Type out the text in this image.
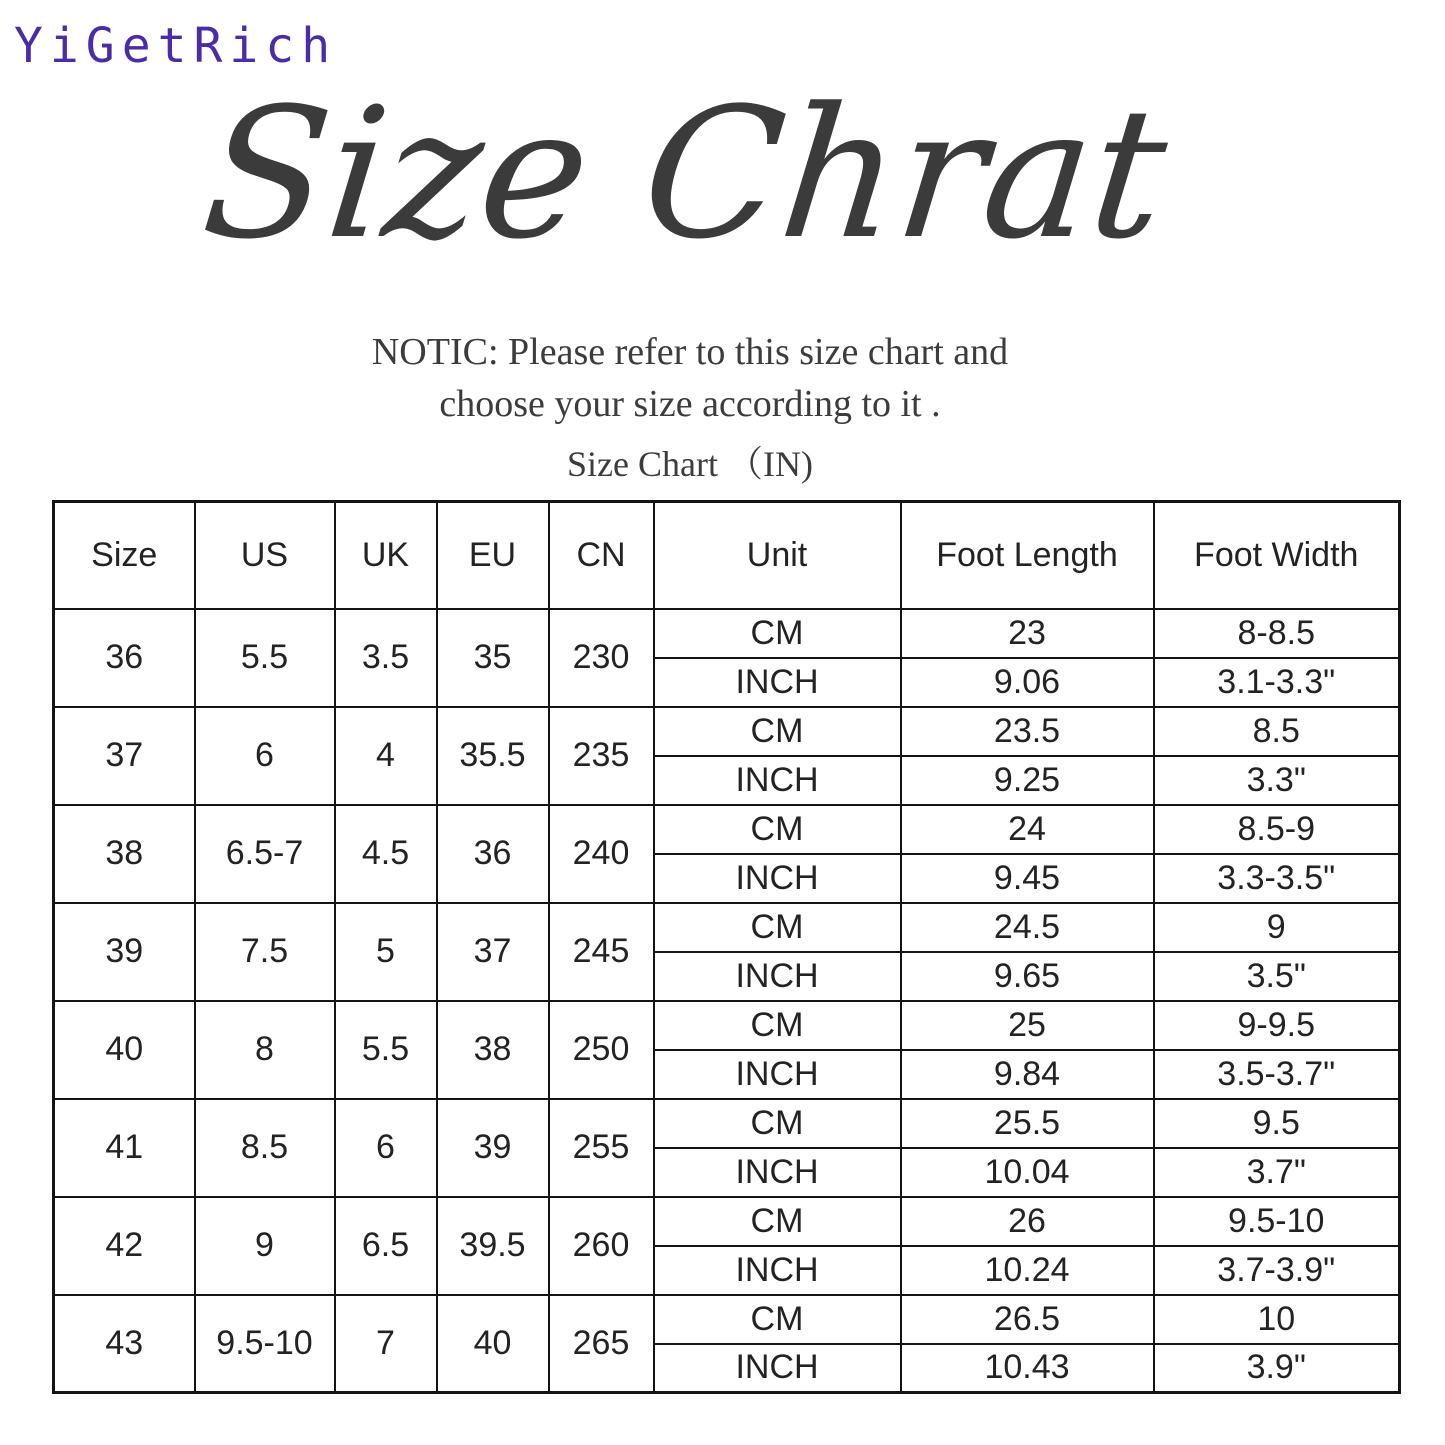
YiGetRich
Size Chrat
NOTIC: Please refer to this size chart and
choose your size according to it .
Size Chart （IN)
Size	US	UK	EU	CN	Unit	Foot Length	Foot Width
36	5.5	3.5	35	230	CM	23	8-8.5
					INCH	9.06	3.1-3.3"
37	6	4	35.5	235	CM	23.5	8.5
					INCH	9.25	3.3"
38	6.5-7	4.5	36	240	CM	24	8.5-9
					INCH	9.45	3.3-3.5"
39	7.5	5	37	245	CM	24.5	9
					INCH	9.65	3.5"
40	8	5.5	38	250	CM	25	9-9.5
					INCH	9.84	3.5-3.7"
41	8.5	6	39	255	CM	25.5	9.5
					INCH	10.04	3.7"
42	9	6.5	39.5	260	CM	26	9.5-10
					INCH	10.24	3.7-3.9"
43	9.5-10	7	40	265	CM	26.5	10
					INCH	10.43	3.9"
